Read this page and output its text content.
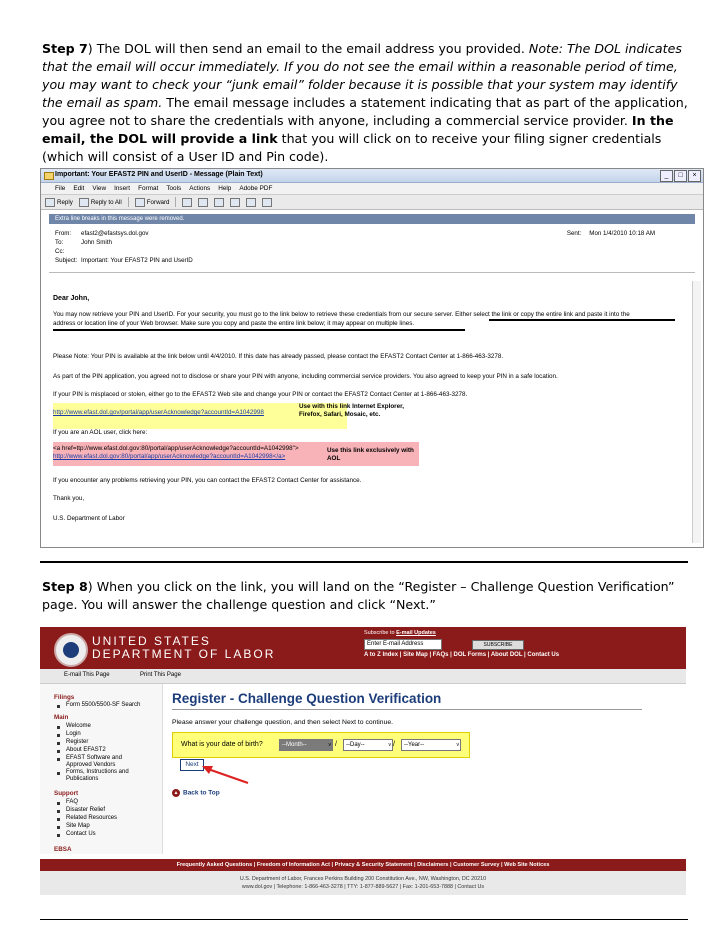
Step 7) The DOL will then send an email to the email address you provided. Note: The DOL indicates that the email will occur immediately. If you do not see the email within a reasonable period of time, you may want to check your “junk email” folder because it is possible that your system may identify the email as spam. The email message includes a statement indicating that as part of the application, you agree not to share the credentials with anyone, including a commercial service provider. In the email, the DOL will provide a link that you will click on to receive your filing signer credentials (which will consist of a User ID and Pin code).
Important: Your EFAST2 PIN and UserID - Message (Plain Text)	_	□	×
File Edit View Insert Format Tools Actions Help Adobe PDF
Reply	Reply to All	Forward
Extra line breaks in this message were removed.
From:	efast2@efastsys.dol.gov
To:	John Smith
Cc:
Subject: Important: Your EFAST2 PIN and UserID
Sent: Mon 1/4/2010 10:18 AM

Dear John,

You may now retrieve your PIN and UserID. For your security, you must go to the link below to retrieve these credentials from our secure server. Either select the link or copy the entire link and paste it into the

address or location line of your Web browser. Make sure you copy and paste the entire link below; it may appear on multiple lines.

Please Note: Your PIN is available at the link below until 4/4/2010. If this date has already passed, please contact the EFAST2 Contact Center at 1-866-463-3278.

As part of the PIN application, you agreed not to disclose or share your PIN with anyone, including commercial service providers. You also agreed to keep your PIN in a safe location.

If your PIN is misplaced or stolen, either go to the EFAST2 Web site and change your PIN or contact the EFAST2 Contact Center at 1-866-463-3278.

http://www.efast.dol.gov/portal/app/userAcknowledge?accountId=A1042998

Use with this link Internet Explorer,
Firefox, Safari, Mosaic, etc.

If you are an AOL user, click here:

<a href=ttp://www.efast.dol.gov:80/portal/app/userAcknowledge?accountId=A1042998">

http://www.efast.dol.gov:80/portal/app/userAcknowledge?accountId=A1042998</a>

Use this link exclusively with
AOL

If you encounter any problems retrieving your PIN, you can contact the EFAST2 Contact Center for assistance.

Thank you,

U.S. Department of Labor

Step 8) When you click on the link, you will land on the “Register – Challenge Question Verification” page. You will answer the challenge question and click “Next.”
UNITED STATES
DEPARTMENT OF LABOR
Subscribe to E-mail Updates
Enter E-mail Address	SUBSCRIBE
A to Z Index | Site Map | FAQs | DOL Forms | About DOL | Contact Us
E-mail This Page	Print This Page
Filings
Form 5500/5500-SF Search
Main
Welcome
Login
Register
About EFAST2
EFAST Software and
Approved Vendors
Forms, Instructions and
Publications
Support
FAQ
Disaster Relief
Related Resources
Site Map
Contact Us
EBSA
Register - Challenge Question Verification
Please answer your challenge question, and then select Next to continue.
What is your date of birth?	--Month-- v	/	--Day-- v	/	--Year-- v
Next
▲ Back to Top
Frequently Asked Questions | Freedom of Information Act | Privacy & Security Statement | Disclaimers | Customer Survey | Web Site Notices
U.S. Department of Labor, Frances Perkins Building 200 Constitution Ave., NW, Washington, DC 20210
www.dol.gov | Telephone: 1-866-463-3278 | TTY: 1-877-889-5627 | Fax: 1-201-653-7888 | Contact Us
